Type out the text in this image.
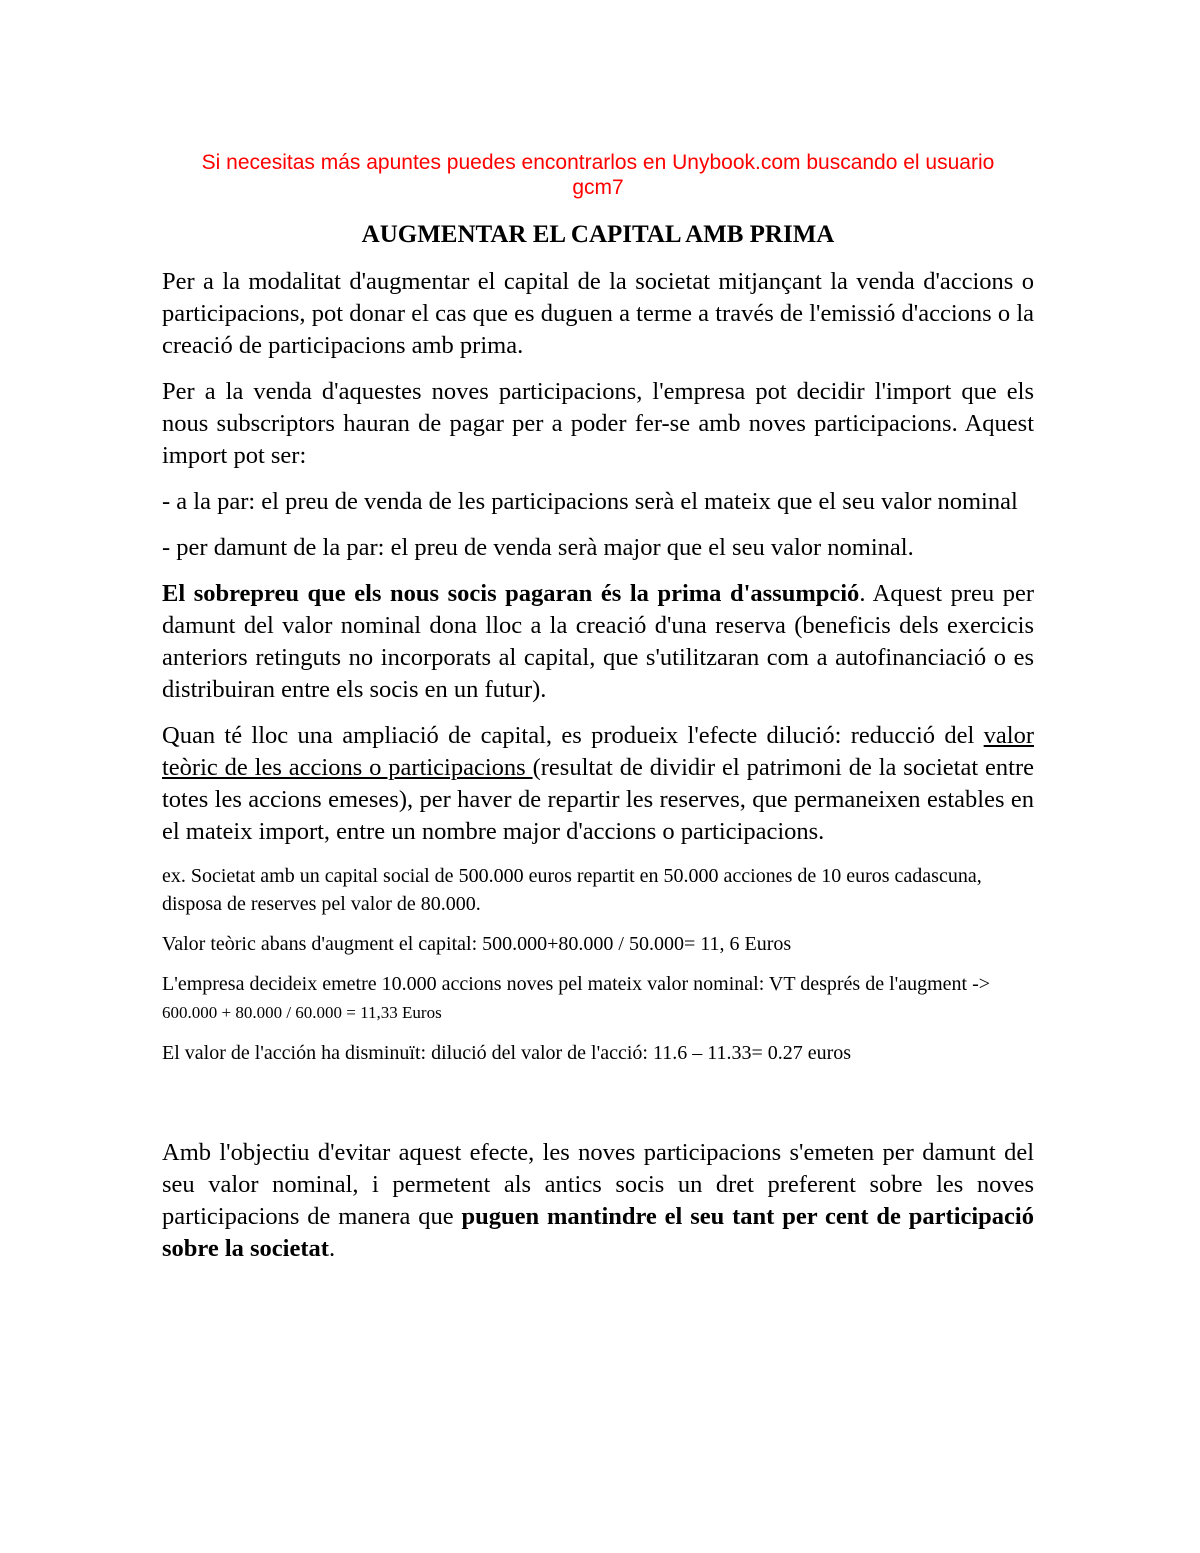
Si necesitas más apuntes puedes encontrarlos en Unybook.com buscando el usuario
gcm7
AUGMENTAR EL CAPITAL AMB PRIMA

Per a la modalitat d'augmentar el capital de la societat mitjançant la venda d'accions o participacions, pot donar el cas que es duguen a terme a través de l'emissió d'accions o la creació de participacions amb prima.

Per a la venda d'aquestes noves participacions, l'empresa pot decidir l'import que els nous subscriptors hauran de pagar per a poder fer-se amb noves participacions. Aquest import pot ser:

- a la par: el preu de venda de les participacions serà el mateix que el seu valor nominal

- per damunt de la par: el preu de venda serà major que el seu valor nominal.

El sobrepreu que els nous socis pagaran és la prima d'assumpció. Aquest preu per damunt del valor nominal dona lloc a la creació d'una reserva (beneficis dels exercicis anteriors retinguts no incorporats al capital, que s'utilitzaran com a autofinanciació o es distribuiran entre els socis en un futur).

Quan té lloc una ampliació de capital, es produeix l'efecte dilució: reducció del valor teòric de les accions o participacions (resultat de dividir el patrimoni de la societat entre totes les accions emeses), per haver de repartir les reserves, que permaneixen estables en el mateix import, entre un nombre major d'accions o participacions.

ex. Societat amb un capital social de 500.000 euros repartit en 50.000 acciones de 10 euros cadascuna, disposa de reserves pel valor de 80.000.

Valor teòric abans d'augment el capital: 500.000+80.000 / 50.000= 11, 6 Euros

L'empresa decideix emetre 10.000 accions noves pel mateix valor nominal: VT després de l'augment -> 600.000 + 80.000 / 60.000 = 11,33 Euros

El valor de l'acción ha disminuït: dilució del valor de l'acció: 11.6 – 11.33= 0.27 euros

Amb l'objectiu d'evitar aquest efecte, les noves participacions s'emeten per damunt del seu valor nominal, i permetent als antics socis un dret preferent sobre les noves participacions de manera que puguen mantindre el seu tant per cent de participació sobre la societat.
